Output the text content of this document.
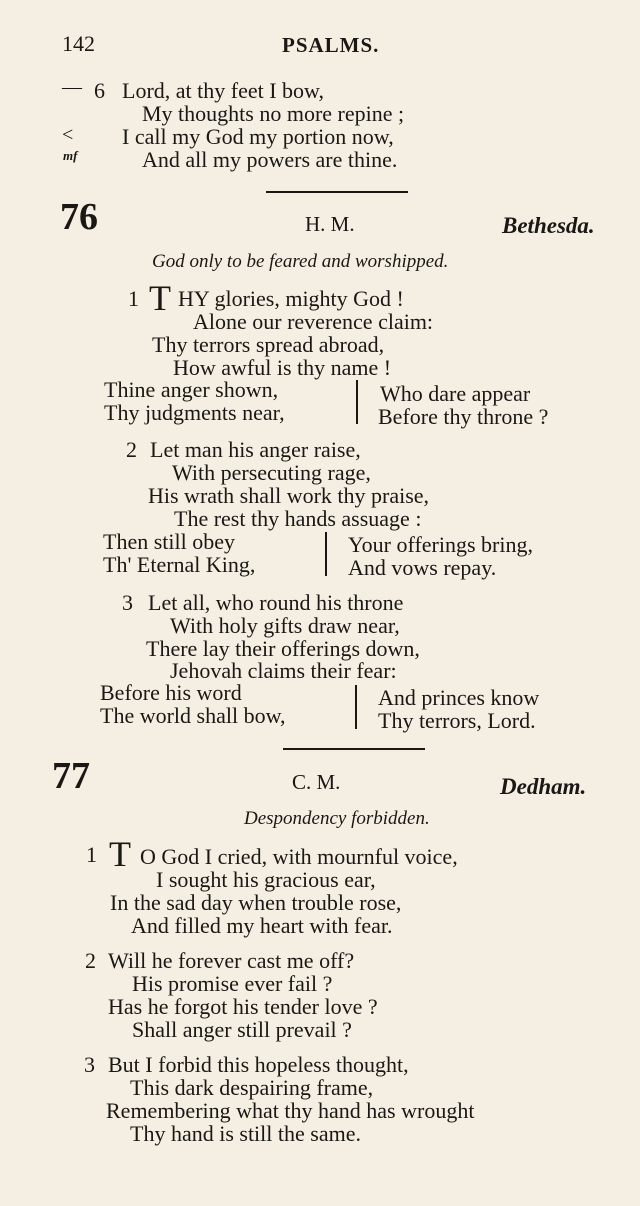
142	PSALMS.
— 6 Lord, at thy feet I bow,
My thoughts no more repine ;
< I call my God my portion now,
mf	And all my powers are thine.
76	H. M.	Bethesda.
God only to be feared and worshipped.
1 T HY glories, mighty God !
Alone our reverence claim:
Thy terrors spread abroad,
How awful is thy name !
Thine anger shown,
Thy judgments near,
Who dare appear
Before thy throne ?
2 Let man his anger raise,
With persecuting rage,
His wrath shall work thy praise,
The rest thy hands assuage :
Then still obey
Th' Eternal King,
Your offerings bring,
And vows repay.
3 Let all, who round his throne
With holy gifts draw near,
There lay their offerings down,
Jehovah claims their fear:
Before his word
The world shall bow,
And princes know
Thy terrors, Lord.
77	C. M.	Dedham.
Despondency forbidden.
1 T O God I cried, with mournful voice,
I sought his gracious ear,
In the sad day when trouble rose,
And filled my heart with fear.
2 Will he forever cast me off?
His promise ever fail ?
Has he forgot his tender love ?
Shall anger still prevail ?
3 But I forbid this hopeless thought,
This dark despairing frame,
Remembering what thy hand has wrought
Thy hand is still the same.
